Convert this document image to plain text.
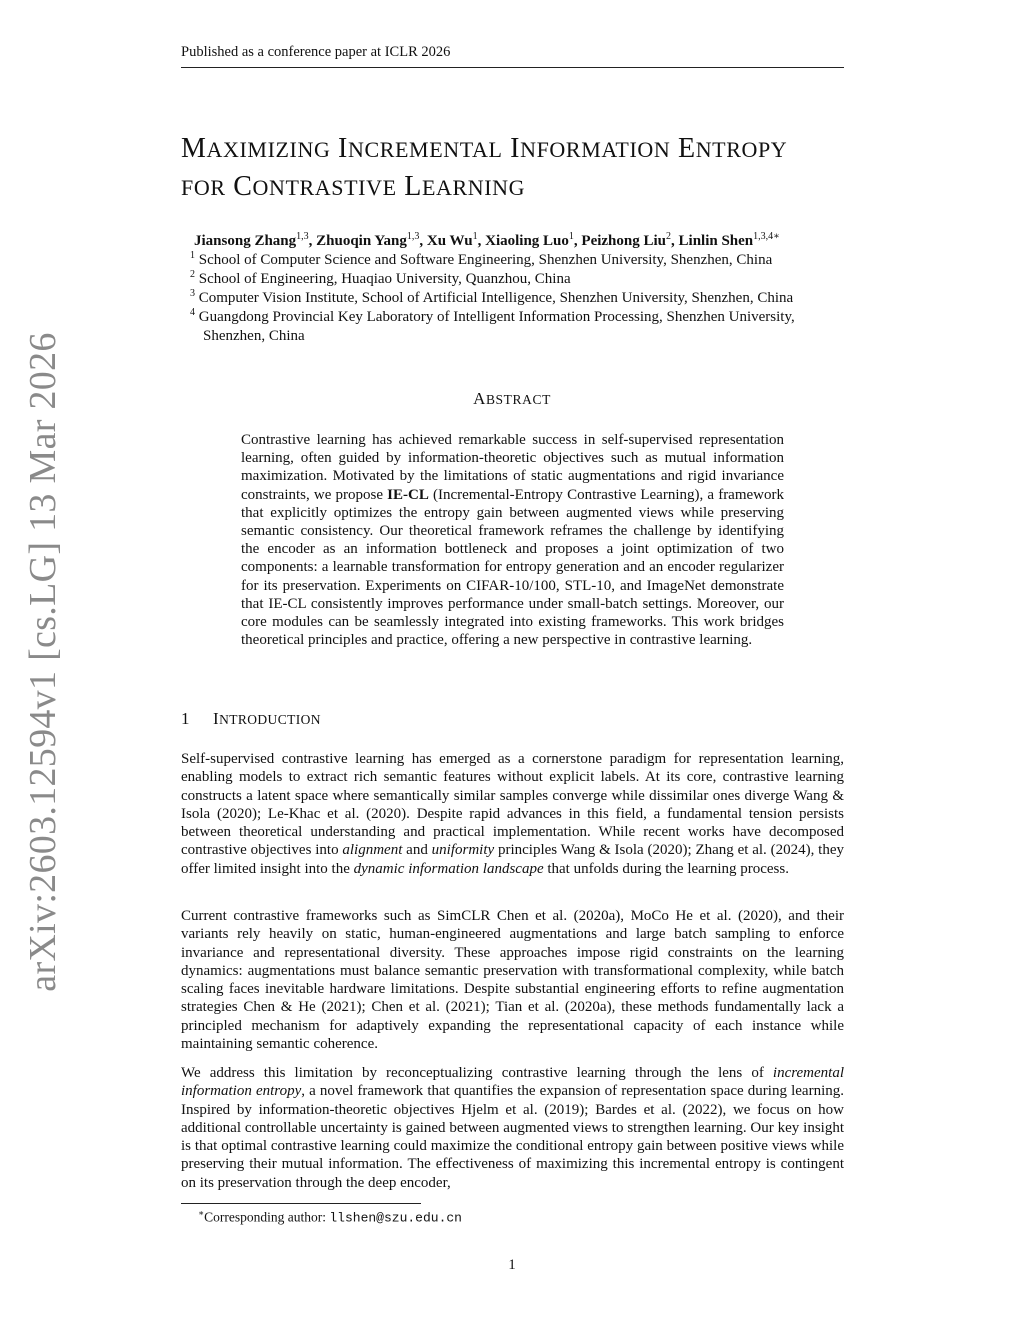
Published as a conference paper at ICLR 2026
arXiv:2603.12594v1 [cs.LG] 13 Mar 2026
MAXIMIZING INCREMENTAL INFORMATION ENTROPY
FOR CONTRASTIVE LEARNING
Jiansong Zhang$^{1,3}$, Zhuoqin Yang$^{1,3}$, Xu Wu$^1$, Xiaoling Luo$^1$, Peizhong Liu$^2$, Linlin Shen$^{1,3,4∗}$
$^1$ School of Computer Science and Software Engineering, Shenzhen University, Shenzhen, China
$^2$ School of Engineering, Huaqiao University, Quanzhou, China
$^3$ Computer Vision Institute, School of Artificial Intelligence, Shenzhen University, Shenzhen, China
$^4$ Guangdong Provincial Key Laboratory of Intelligent Information Processing, Shenzhen University,
Shenzhen, China
ABSTRACT
Contrastive learning has achieved remarkable success in self-supervised representation learning, often guided by information-theoretic objectives such as mutual information maximization. Motivated by the limitations of static augmentations and rigid invariance constraints, we propose IE-CL (Incremental-Entropy Contrastive Learning), a framework that explicitly optimizes the entropy gain between augmented views while preserving semantic consistency. Our theoretical framework reframes the challenge by identifying the encoder as an information bottleneck and proposes a joint optimization of two components: a learnable transformation for entropy generation and an encoder regularizer for its preservation. Experiments on CIFAR-10/100, STL-10, and ImageNet demonstrate that IE-CL consistently improves performance under small-batch settings. Moreover, our core modules can be seamlessly integrated into existing frameworks. This work bridges theoretical principles and practice, offering a new perspective in contrastive learning.
1 INTRODUCTION
Self-supervised contrastive learning has emerged as a cornerstone paradigm for representation learning, enabling models to extract rich semantic features without explicit labels. At its core, contrastive learning constructs a latent space where semantically similar samples converge while dissimilar ones diverge Wang & Isola (2020); Le-Khac et al. (2020). Despite rapid advances in this field, a fundamental tension persists between theoretical understanding and practical implementation. While recent works have decomposed contrastive objectives into alignment and uniformity principles Wang & Isola (2020); Zhang et al. (2024), they offer limited insight into the dynamic information landscape that unfolds during the learning process.
Current contrastive frameworks such as SimCLR Chen et al. (2020a), MoCo He et al. (2020), and their variants rely heavily on static, human-engineered augmentations and large batch sampling to enforce invariance and representational diversity. These approaches impose rigid constraints on the learning dynamics: augmentations must balance semantic preservation with transformational complexity, while batch scaling faces inevitable hardware limitations. Despite substantial engineering efforts to refine augmentation strategies Chen & He (2021); Chen et al. (2021); Tian et al. (2020a), these methods fundamentally lack a principled mechanism for adaptively expanding the representational capacity of each instance while maintaining semantic coherence.
We address this limitation by reconceptualizing contrastive learning through the lens of incremental information entropy, a novel framework that quantifies the expansion of representation space during learning. Inspired by information-theoretic objectives Hjelm et al. (2019); Bardes et al. (2022), we focus on how additional controllable uncertainty is gained between augmented views to strengthen learning. Our key insight is that optimal contrastive learning could maximize the conditional entropy gain between positive views while preserving their mutual information. The effectiveness of maximizing this incremental entropy is contingent on its preservation through the deep encoder,
∗Corresponding author: llshen@szu.edu.cn
1
